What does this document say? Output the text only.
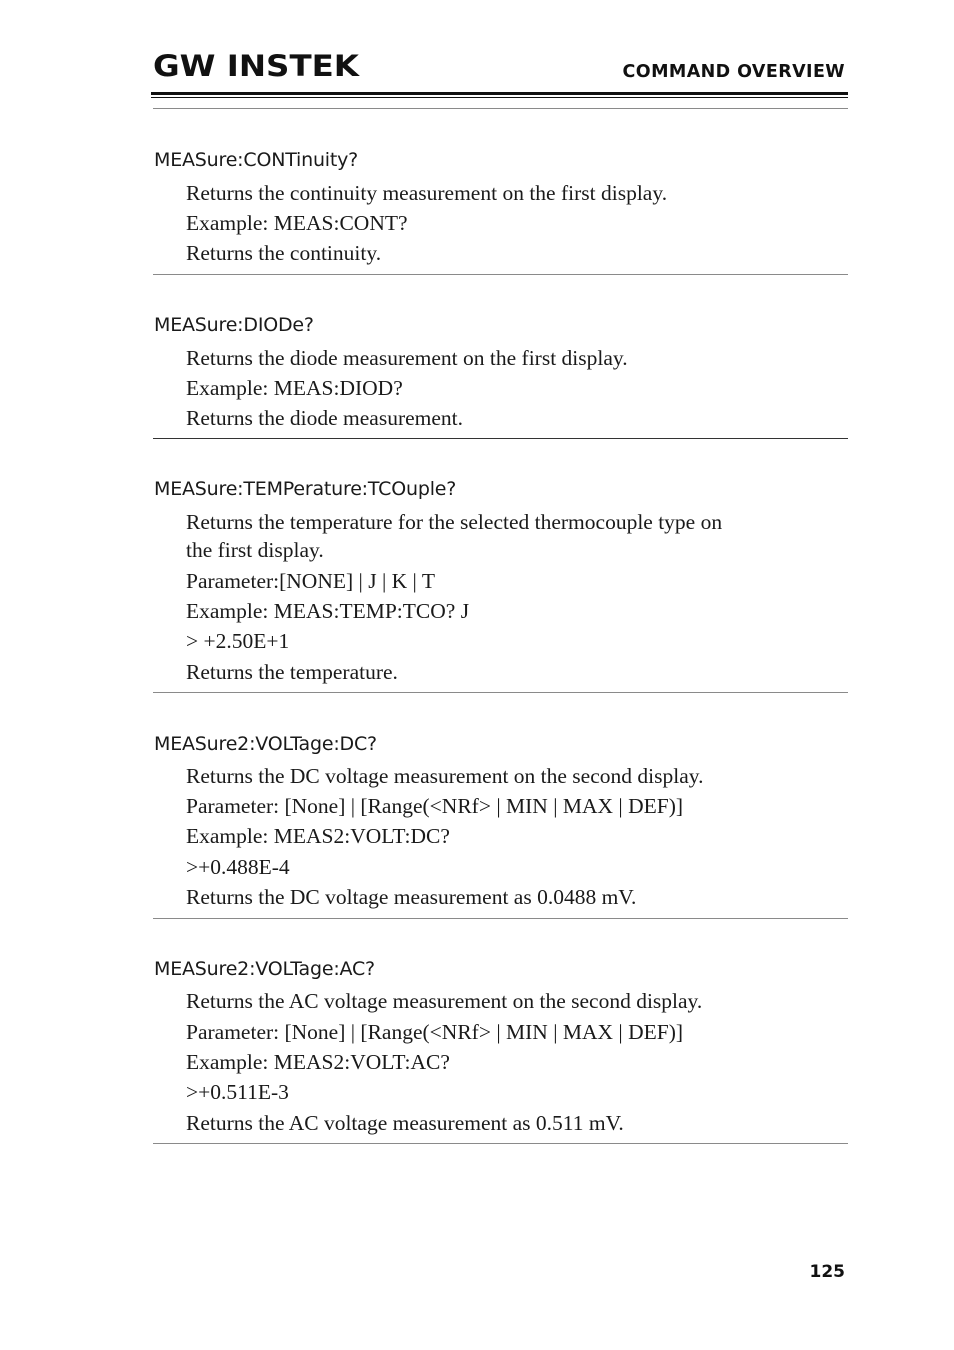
GW INSTEK	COMMAND OVERVIEW
MEASure:CONTinuity?
Returns the continuity measurement on the first display.
Example: MEAS:CONT?
Returns the continuity.
MEASure:DIODe?
Returns the diode measurement on the first display.
Example: MEAS:DIOD?
Returns the diode measurement.
MEASure:TEMPerature:TCOuple?
Returns the temperature for the selected thermocouple type on
the first display.
Parameter:[NONE] | J | K | T
Example: MEAS:TEMP:TCO? J
> +2.50E+1
Returns the temperature.
MEASure2:VOLTage:DC?
Returns the DC voltage measurement on the second display.
Parameter: [None] | [Range(<NRf> | MIN | MAX | DEF)]
Example: MEAS2:VOLT:DC?
>+0.488E-4
Returns the DC voltage measurement as 0.0488 mV.
MEASure2:VOLTage:AC?
Returns the AC voltage measurement on the second display.
Parameter: [None] | [Range(<NRf> | MIN | MAX | DEF)]
Example: MEAS2:VOLT:AC?
>+0.511E-3
Returns the AC voltage measurement as 0.511 mV.
125
